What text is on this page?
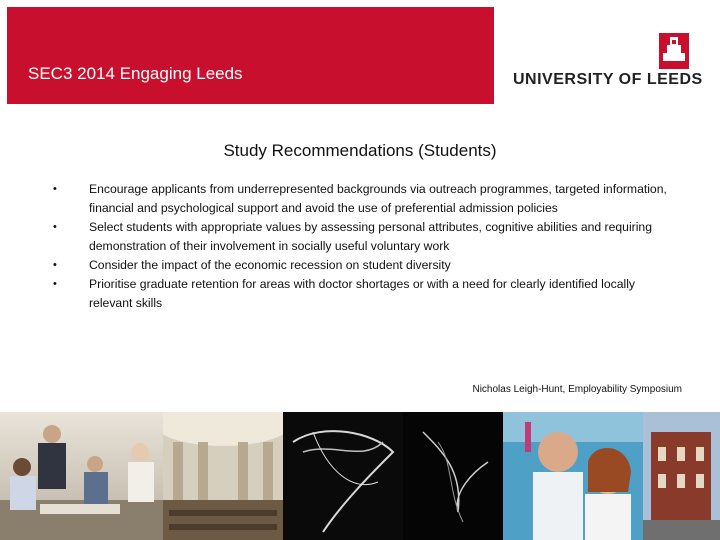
SEC3 2014 Engaging Leeds	UNIVERSITY OF LEEDS
Study Recommendations (Students)
•	Encourage applicants from underrepresented backgrounds via outreach programmes, targeted information, financial and psychological support and avoid the use of preferential admission policies
•	Select students with appropriate values by assessing personal attributes, cognitive abilities and requiring demonstration of their involvement in socially useful voluntary work
•	Consider the impact of the economic recession on student diversity
•	Prioritise graduate retention for areas with doctor shortages or with a need for clearly identified locally relevant skills
Nicholas Leigh-Hunt, Employability Symposium
